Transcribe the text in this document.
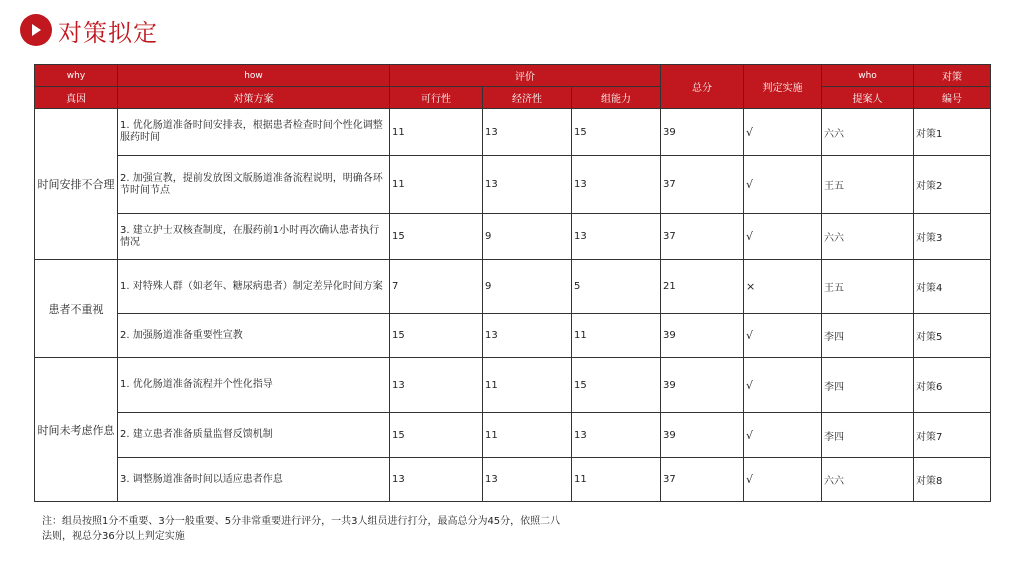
对策拟定
why	how	评价			总分	判定实施	who	对策
真因	对策方案	可行性	经济性	组能力			提案人	编号
时间安排不合理	1. 优化肠道准备时间安排表，根据患者检查时间个性化调整服药时间	11	13	15	39	√	六六	对策1
	2. 加强宣教，提前发放图文版肠道准备流程说明，明确各环节时间节点	11	13	13	37	√	王五	对策2
	3. 建立护士双核查制度，在服药前1小时再次确认患者执行情况	15	9	13	37	√	六六	对策3
患者不重视	1. 对特殊人群（如老年、糖尿病患者）制定差异化时间方案	7	9	5	21	×	王五	对策4
	2. 加强肠道准备重要性宣教	15	13	11	39	√	李四	对策5
时间未考虑作息	1. 优化肠道准备流程并个性化指导	13	11	15	39	√	李四	对策6
	2. 建立患者准备质量监督反馈机制	15	11	13	39	√	李四	对策7
	3. 调整肠道准备时间以适应患者作息	13	13	11	37	√	六六	对策8
注：组员按照1分不重要、3分一般重要、5分非常重要进行评分，一共3人组员进行打分，最高总分为45分，依照二八法则，视总分36分以上判定实施
